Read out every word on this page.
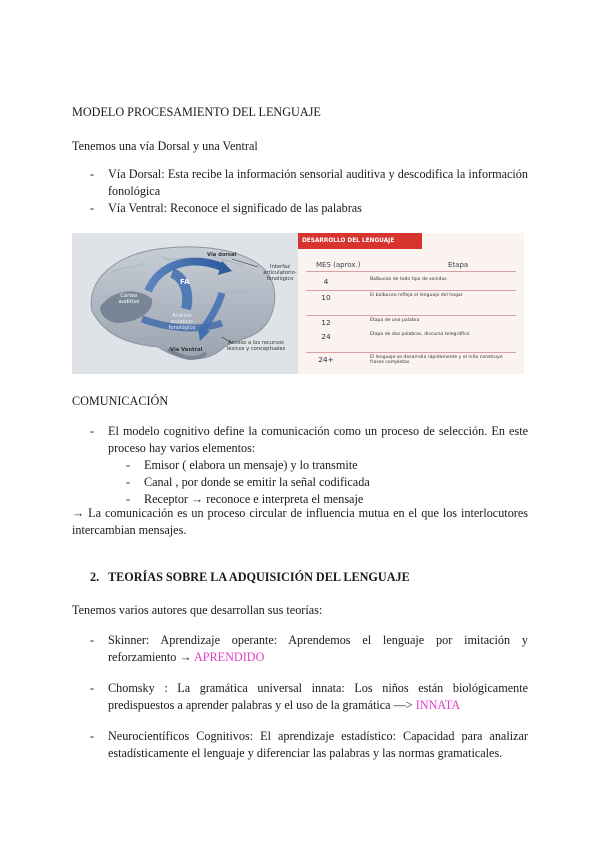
MODELO PROCESAMIENTO DEL LENGUAJE

Tenemos una vía Dorsal y una Ventral

- Vía Dorsal: Esta recibe la información sensorial auditiva y descodifica la información fonológica
- Vía Ventral: Reconoce el significado de las palabras
Vía dorsal
Interfaz articulatorio-fonológico
FA
Córtex auditivo
Análisis acústico-fonológico
Vía Ventral
Acceso a los recursos léxicos y conceptuales
DESARROLLO DEL LENGUAJE
MES (aprox.)	Etapa
4	Balbuceo de todo tipo de sonidos
10	El balbuceo refleja el lenguaje del hogar
12	Etapa de una palabra
24	Etapa de dos palabras, discurso telegráfico
24+	El lenguaje se desarrolla rápidamente y el niño construye frases completas

COMUNICACIÓN

- El modelo cognitivo define la comunicación como un proceso de selección. En este proceso hay varios elementos:
- Emisor ( elabora un mensaje) y lo transmite
- Canal , por donde se emitir la señal codificada
- Receptor → reconoce e interpreta el mensaje

→ La comunicación es un proceso circular de influencia mutua en el que los interlocutores intercambian mensajes.

2. TEORÍAS SOBRE LA ADQUISICIÓN DEL LENGUAJE

Tenemos varios autores que desarrollan sus teorías:

- Skinner: Aprendizaje operante: Aprendemos el lenguaje por imitación y reforzamiento → APRENDIDO
- Chomsky : La gramática universal innata: Los niños están biológicamente predispuestos a aprender palabras y el uso de la gramática —> INNATA
- Neurocientíficos Cognitivos: El aprendizaje estadístico: Capacidad para analizar estadísticamente el lenguaje y diferenciar las palabras y las normas gramaticales.
